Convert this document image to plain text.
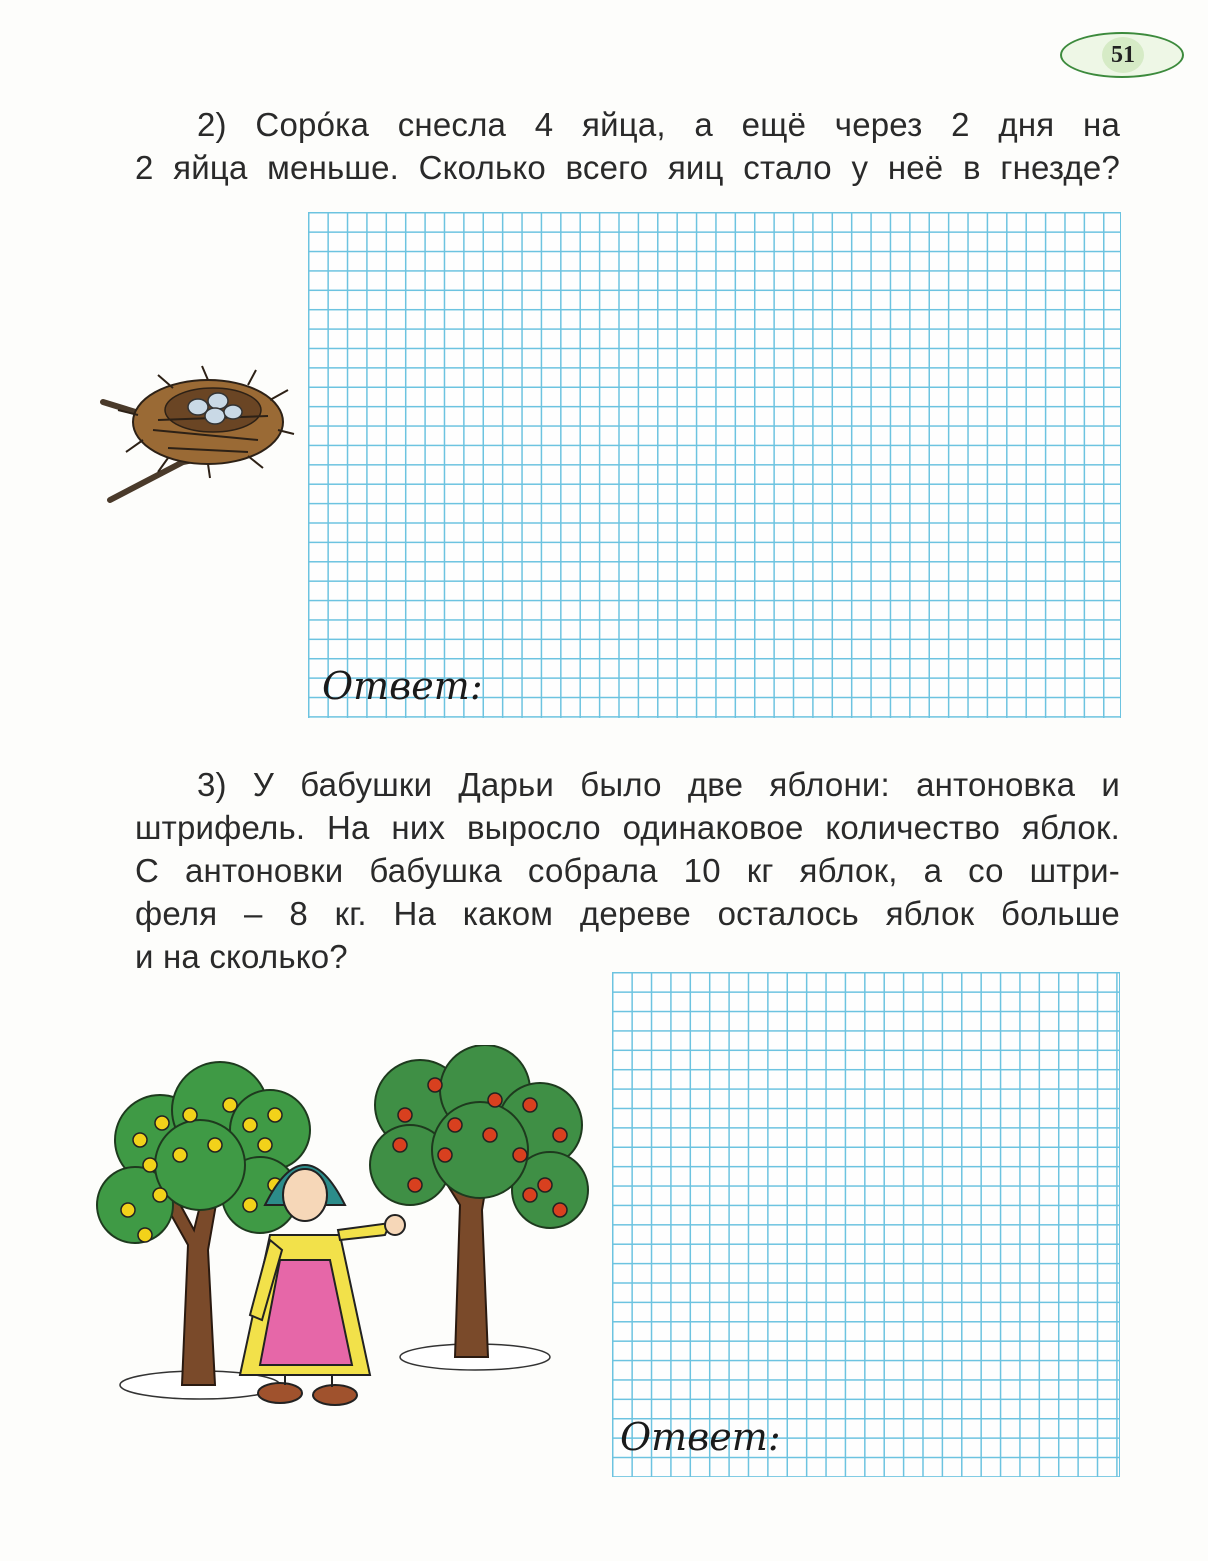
51
2) Соро́ка снесла 4 яйца, а ещё через 2 дня на
2 яйца меньше. Сколько всего яиц стало у неё в гнезде?
Ответ:
3) У бабушки Дарьи было две яблони: антоновка и
штрифель. На них выросло одинаковое количество яблок.
С антоновки бабушка собрала 10 кг яблок, а со штри-
феля – 8 кг. На каком дереве осталось яблок больше
и на сколько?
Ответ:
